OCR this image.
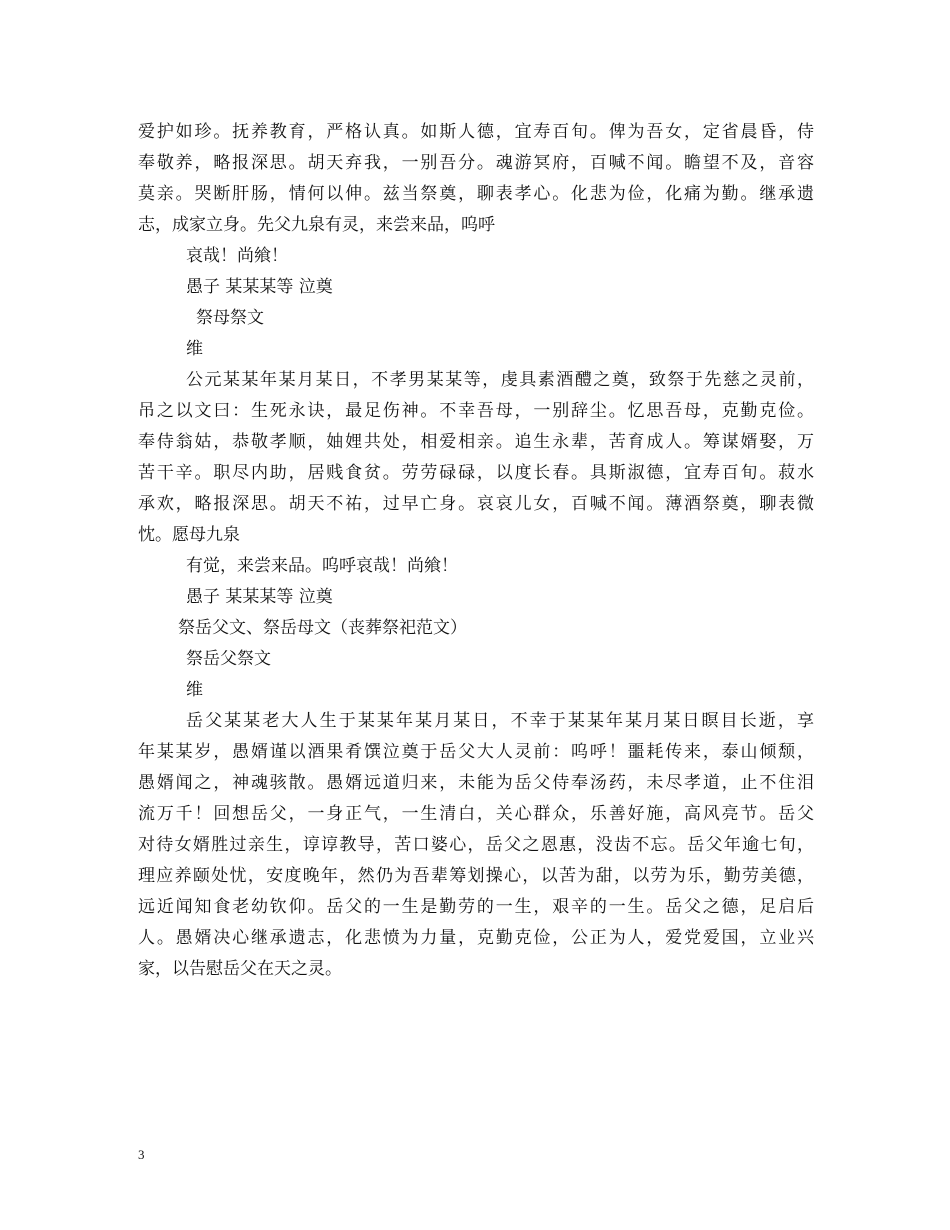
爱护如珍。抚养教育，严格认真。如斯人德，宜寿百旬。俾为吾女，定省晨昏，侍
奉敬养，略报深思。胡天弃我，一别吾分。魂游冥府，百喊不闻。瞻望不及，音容
莫亲。哭断肝肠，情何以伸。兹当祭奠，聊表孝心。化悲为俭，化痛为勤。继承遗
志，成家立身。先父九泉有灵，来尝来品，呜呼
哀哉！尚飨！
愚子 某某某等 泣奠
祭母祭文
维
公元某某年某月某日，不孝男某某等，虔具素酒醴之奠，致祭于先慈之灵前，
吊之以文曰：生死永诀，最足伤神。不幸吾母，一别辞尘。忆思吾母，克勤克俭。
奉侍翁姑，恭敬孝顺，妯娌共处，相爱相亲。追生永辈，苦育成人。筹谋婿娶，万
苦干辛。职尽内助，居贱食贫。劳劳碌碌，以度长春。具斯淑德，宜寿百旬。菽水
承欢，略报深思。胡天不祐，过早亡身。哀哀儿女，百喊不闻。薄酒祭奠，聊表微
忱。愿母九泉
有觉，来尝来品。呜呼哀哉！尚飨！
愚子 某某某等 泣奠
祭岳父文、祭岳母文（丧葬祭祀范文）
祭岳父祭文
维
岳父某某老大人生于某某年某月某日，不幸于某某年某月某日瞑目长逝，享
年某某岁，愚婿谨以酒果肴馔泣奠于岳父大人灵前：呜呼！噩耗传来，泰山倾颓，
愚婿闻之，神魂骇散。愚婿远道归来，未能为岳父侍奉汤药，未尽孝道，止不住泪
流万千！回想岳父，一身正气，一生清白，关心群众，乐善好施，高风亮节。岳父
对待女婿胜过亲生，谆谆教导，苦口婆心，岳父之恩惠，没齿不忘。岳父年逾七旬，
理应养颐处忧，安度晚年，然仍为吾辈筹划操心，以苦为甜，以劳为乐，勤劳美德，
远近闻知食老幼钦仰。岳父的一生是勤劳的一生，艰辛的一生。岳父之德，足启后
人。愚婿决心继承遗志，化悲愤为力量，克勤克俭，公正为人，爱党爱国，立业兴
家，以告慰岳父在天之灵。
3
